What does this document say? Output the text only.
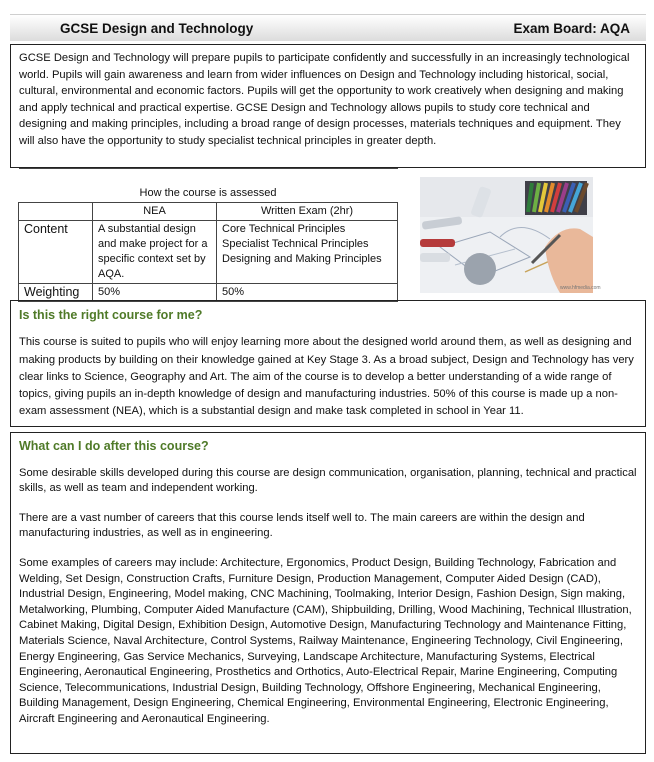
GCSE Design and Technology	Exam Board: AQA

GCSE Design and Technology will prepare pupils to participate confidently and successfully in an increasingly technological world. Pupils will gain awareness and learn from wider influences on Design and Technology including historical, social, cultural, environmental and economic factors. Pupils will get the opportunity to work creatively when designing and making and apply technical and practical expertise. GCSE Design and Technology allows pupils to study core technical and designing and making principles, including a broad range of design processes, materials techniques and equipment. They will also have the opportunity to study specialist technical principles in greater depth.

How the course is assessed		
	NEA	Written Exam (2hr)
Content	A substantial design and make project for a specific context set by AQA.	Core Technical Principles
Specialist Technical Principles
Designing and Making Principles

Weighting	50%	50%	www.hfmedia.com
Is this the right course for me?

This course is suited to pupils who will enjoy learning more about the designed world around them, as well as designing and making products by building on their knowledge gained at Key Stage 3. As a broad subject, Design and Technology has very clear links to Science, Geography and Art. The aim of the course is to develop a better understanding of a wide range of topics, giving pupils an in-depth knowledge of design and manufacturing industries. 50% of this course is made up a non-exam assessment (NEA), which is a substantial design and make task completed in school in Year 11.

What can I do after this course?

Some desirable skills developed during this course are design communication, organisation, planning, technical and practical skills, as well as team and independent working.

There are a vast number of careers that this course lends itself well to. The main careers are within the design and manufacturing industries, as well as in engineering.

Some examples of careers may include: Architecture, Ergonomics, Product Design, Building Technology, Fabrication and Welding, Set Design, Construction Crafts, Furniture Design, Production Management, Computer Aided Design (CAD), Industrial Design, Engineering, Model making, CNC Machining, Toolmaking, Interior Design, Fashion Design, Sign making, Metalworking, Plumbing, Computer Aided Manufacture (CAM), Shipbuilding, Drilling, Wood Machining, Technical Illustration, Cabinet Making, Digital Design, Exhibition Design, Automotive Design, Manufacturing Technology and Maintenance Fitting, Materials Science, Naval Architecture, Control Systems, Railway Maintenance, Engineering Technology, Civil Engineering, Energy Engineering, Gas Service Mechanics, Surveying, Landscape Architecture, Manufacturing Systems, Electrical Engineering, Aeronautical Engineering, Prosthetics and Orthotics, Auto-Electrical Repair, Marine Engineering, Computing Science, Telecommunications, Industrial Design, Building Technology, Offshore Engineering, Mechanical Engineering, Building Management, Design Engineering, Chemical Engineering, Environmental Engineering, Electronic Engineering, Aircraft Engineering and Aeronautical Engineering.
